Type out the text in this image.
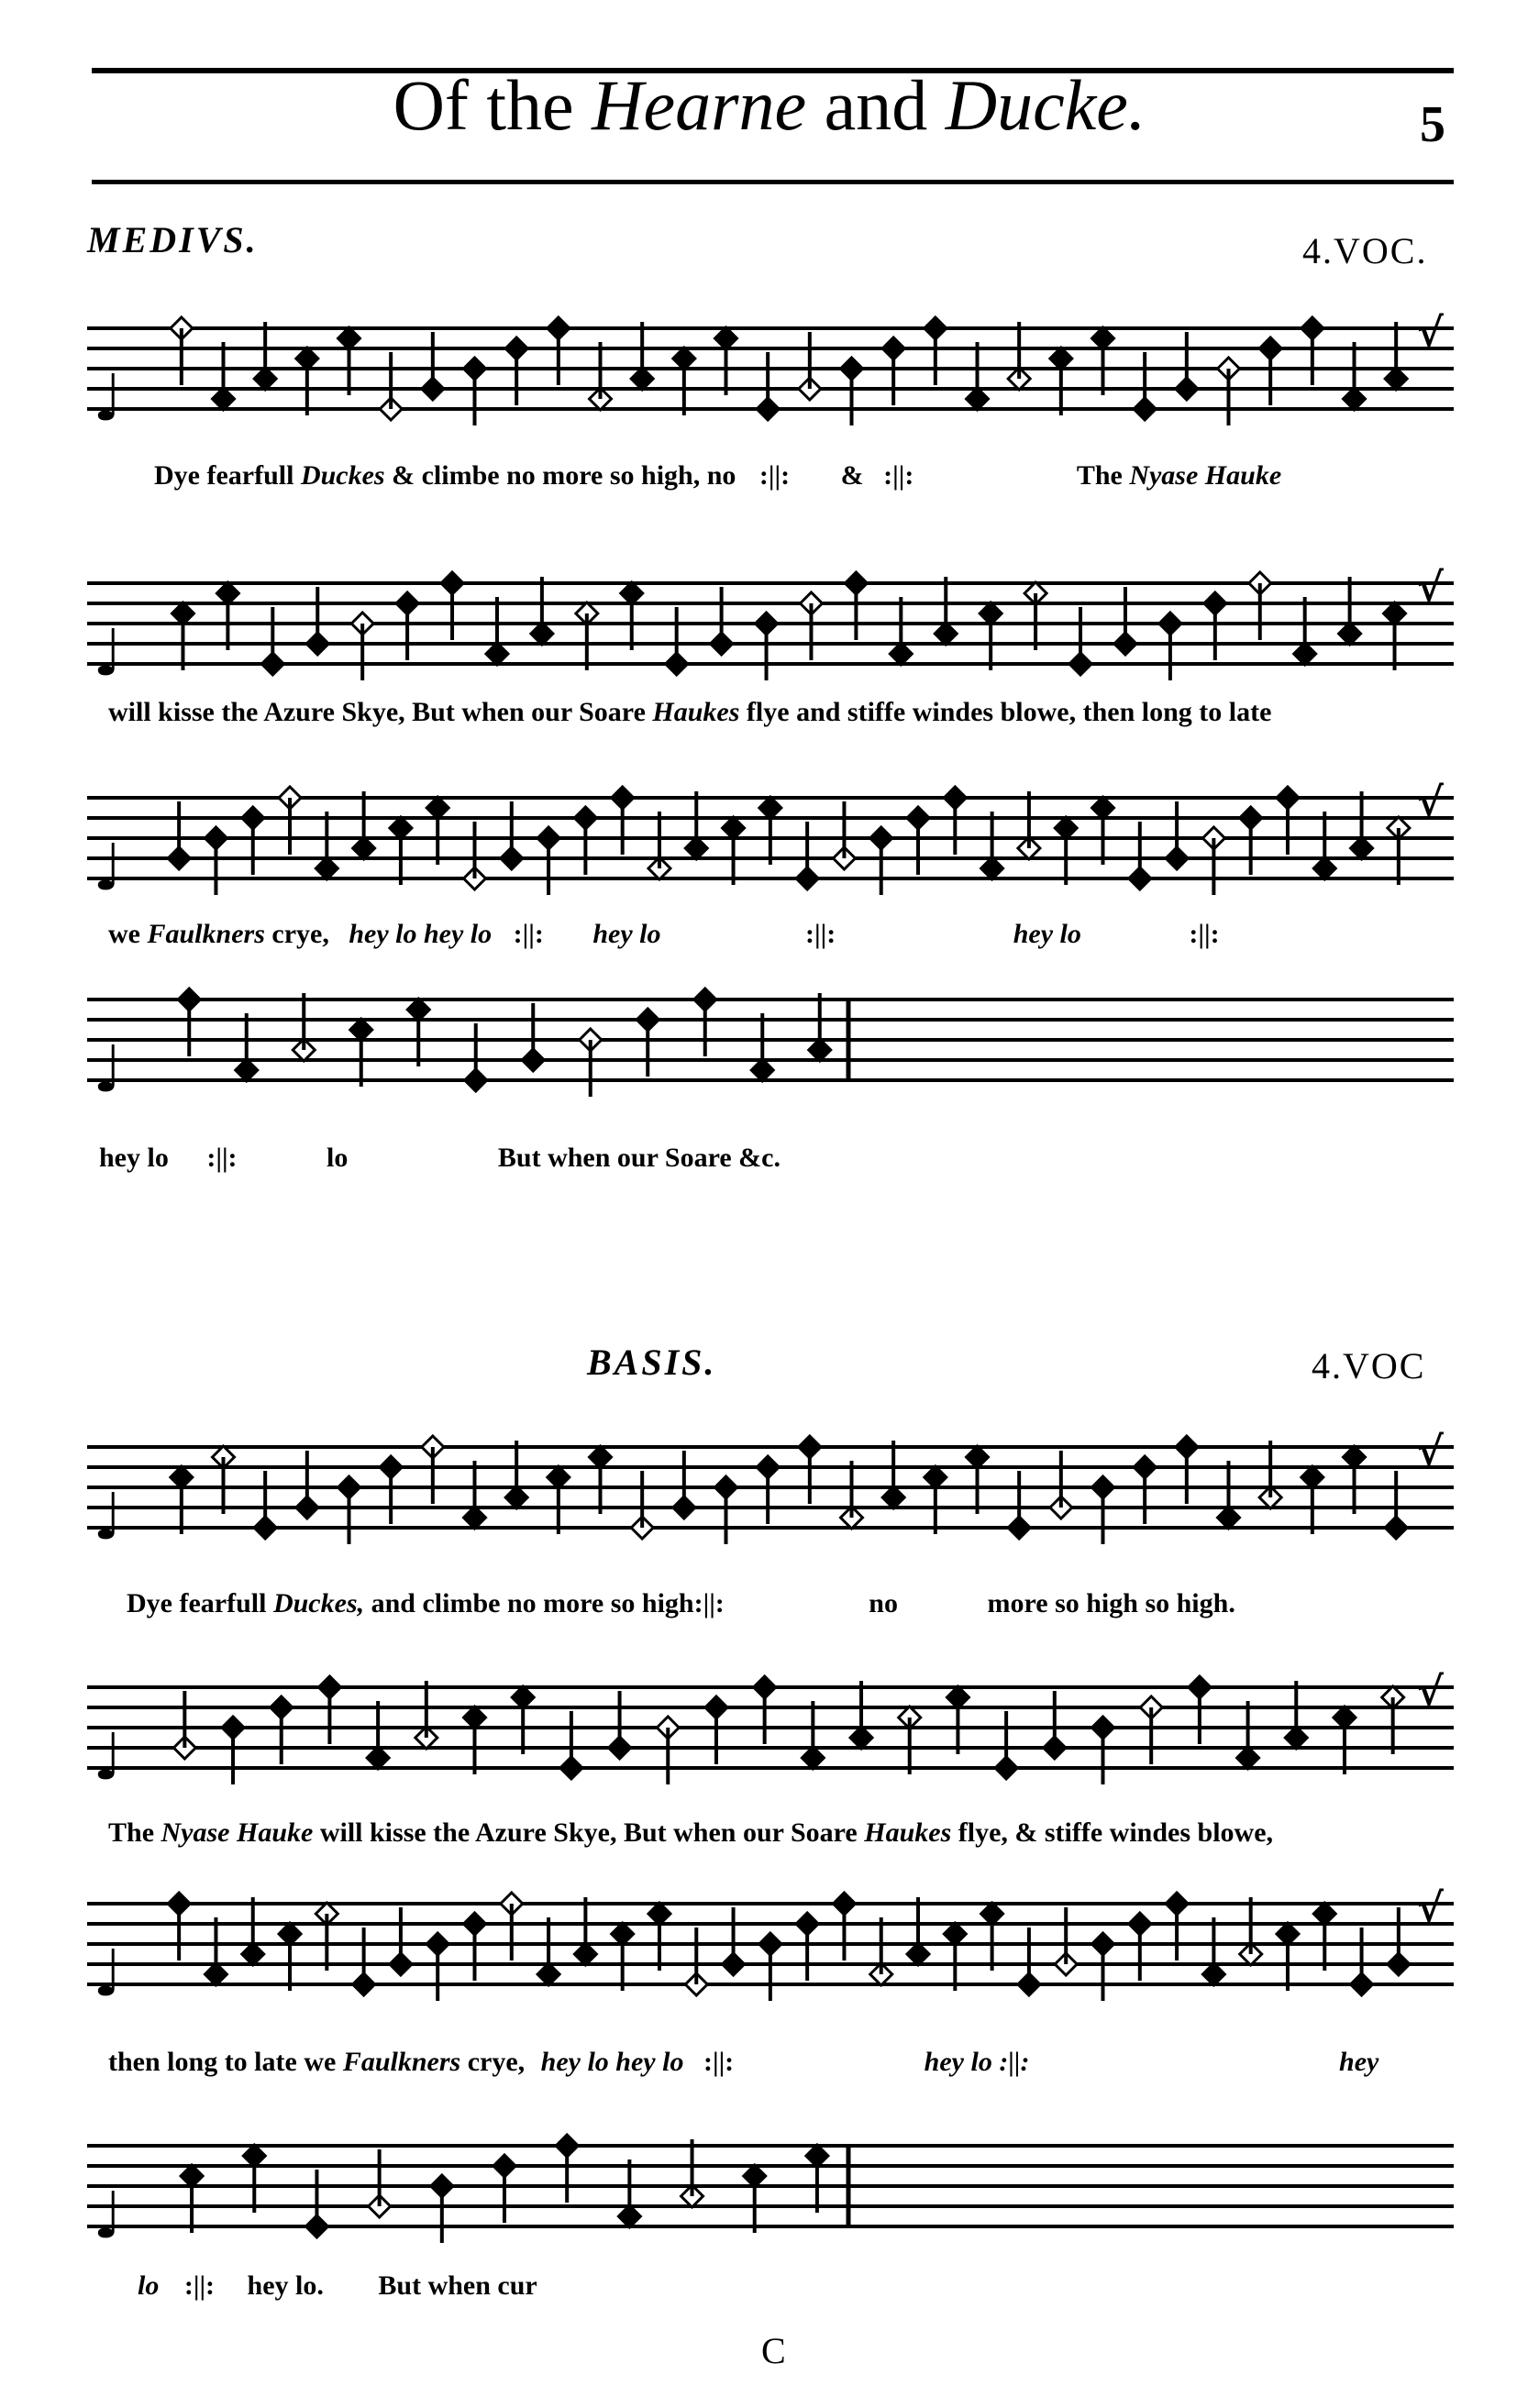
Of the Hearne and Ducke.	5
MEDIVS.	4.VOC.
♩
√
Dye fearfull Duckes & climbe no more so high, no :||: & :||:	The Nyase Hauke
♩
√
will kisse the Azure Skye, But when our Soare Haukes flye and stiffe windes blowe, then long to late
♩
√
we Faulkners crye, hey lo hey lo :||: hey lo	:||:	hey lo	:||:
♩
hey lo :||:	lo	But when our Soare &c.
BASIS.	4.VOC
♩
√
Dye fearfull Duckes, and climbe no more so high:||:	no	more so high so high.
♩
√
The Nyase Hauke will kisse the Azure Skye, But when our Soare Haukes flye, & stiffe windes blowe,
♩
√
then long to late we Faulkners crye, hey lo hey lo :||:	hey lo :||:	hey
♩
lo :||: hey lo. But when cur
C
